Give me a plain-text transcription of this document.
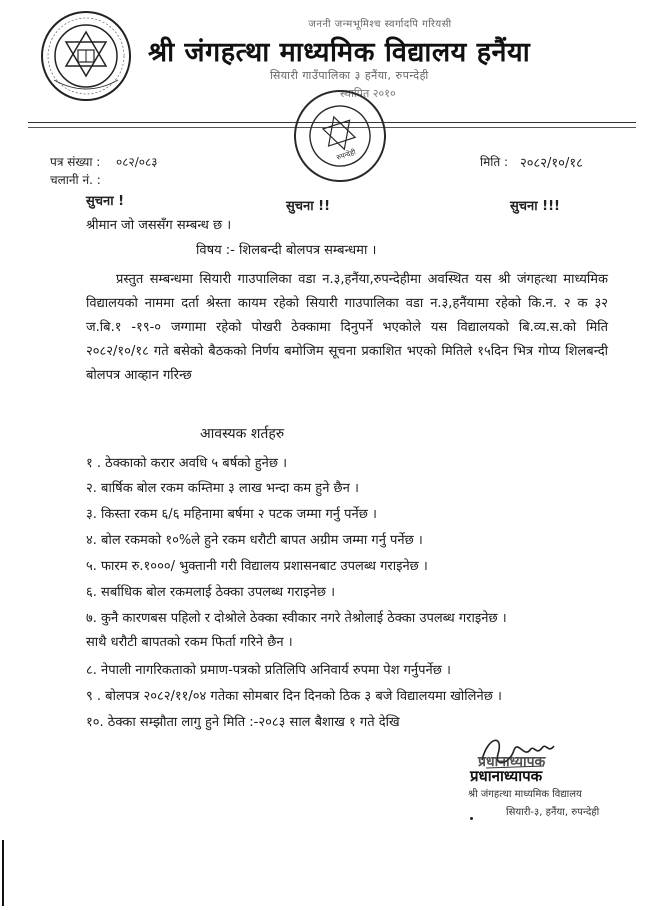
जननी जन्मभूमिश्च स्वर्गादपि गरियसी
श्री जंगहत्था माध्यमिक विद्यालय हनैंया
सियारी गाउँपालिका ३ हनैंया, रुपन्देही
स्थापित २०१०
रुपन्देही
पत्र संख्या : ०८२/०८३
चलानी नं. :
मिति : २०८२/१०/१८
सुचना !	सुचना !!	सुचना !!!
श्रीमान जो जससँग सम्बन्ध छ ।
विषय :- शिलबन्दी बोलपत्र सम्बन्धमा ।
प्रस्तुत सम्बन्धमा सियारी गाउपालिका वडा न.३,हनैंया,रुपन्देहीमा अवस्थित यस श्री जंगहत्था माध्यमिक विद्यालयको नाममा दर्ता श्रेस्ता कायम रहेको सियारी गाउपालिका वडा न.३,हनैंयामा रहेको कि.न. २ क ३२ ज.बि.१ -१९-० जग्गामा रहेको पोखरी ठेक्कामा दिनुपर्ने भएकोले यस विद्यालयको बि.व्य.स.को मिति २०८२/१०/१८ गते बसेको बैठकको निर्णय बमोजिम सूचना प्रकाशित भएको मितिले १५दिन भित्र गोप्य शिलबन्दी बोलपत्र आव्हान गरिन्छ
आवस्यक शर्तहरु
१ . ठेक्काको करार अवधि ५ बर्षको हुनेछ ।
२. बार्षिक बोल रकम कम्तिमा ३ लाख भन्दा कम हुने छैन ।
३. किस्ता रकम ६/६ महिनामा बर्षमा २ पटक जम्मा गर्नु पर्नेछ ।
४. बोल रकमको १०%ले हुने रकम धरौटी बापत अग्रीम जम्मा गर्नु पर्नेछ ।
५. फारम रु.१०००/ भुक्तानी गरी विद्यालय प्रशासनबाट उपलब्ध गराइनेछ ।
६. सर्बाधिक बोल रकमलाई ठेक्का उपलब्ध गराइनेछ ।
७. कुनै कारणबस पहिलो र दोश्रोले ठेक्का स्वीकार नगरे तेश्रोलाई ठेक्का उपलब्ध गराइनेछ ।
साथै धरौटी बापतको रकम फिर्ता गरिने छैन ।
८. नेपाली नागरिकताको प्रमाण-पत्रको प्रतिलिपि अनिवार्य रुपमा पेश गर्नुपर्नेछ ।
९ . बोलपत्र २०८२/११/०४ गतेका सोमबार दिन दिनको ठिक ३ बजे विद्यालयमा खोलिनेछ ।
१०. ठेक्का सम्झौता लागु हुने मिति :-२०८३ साल बैशाख १ गते देखि
प्रधानाध्यापक
प्रधानाध्यापक
श्री जंगहत्था माध्यमिक विद्यालय
सियारी-३, हनैंया, रुपन्देही
